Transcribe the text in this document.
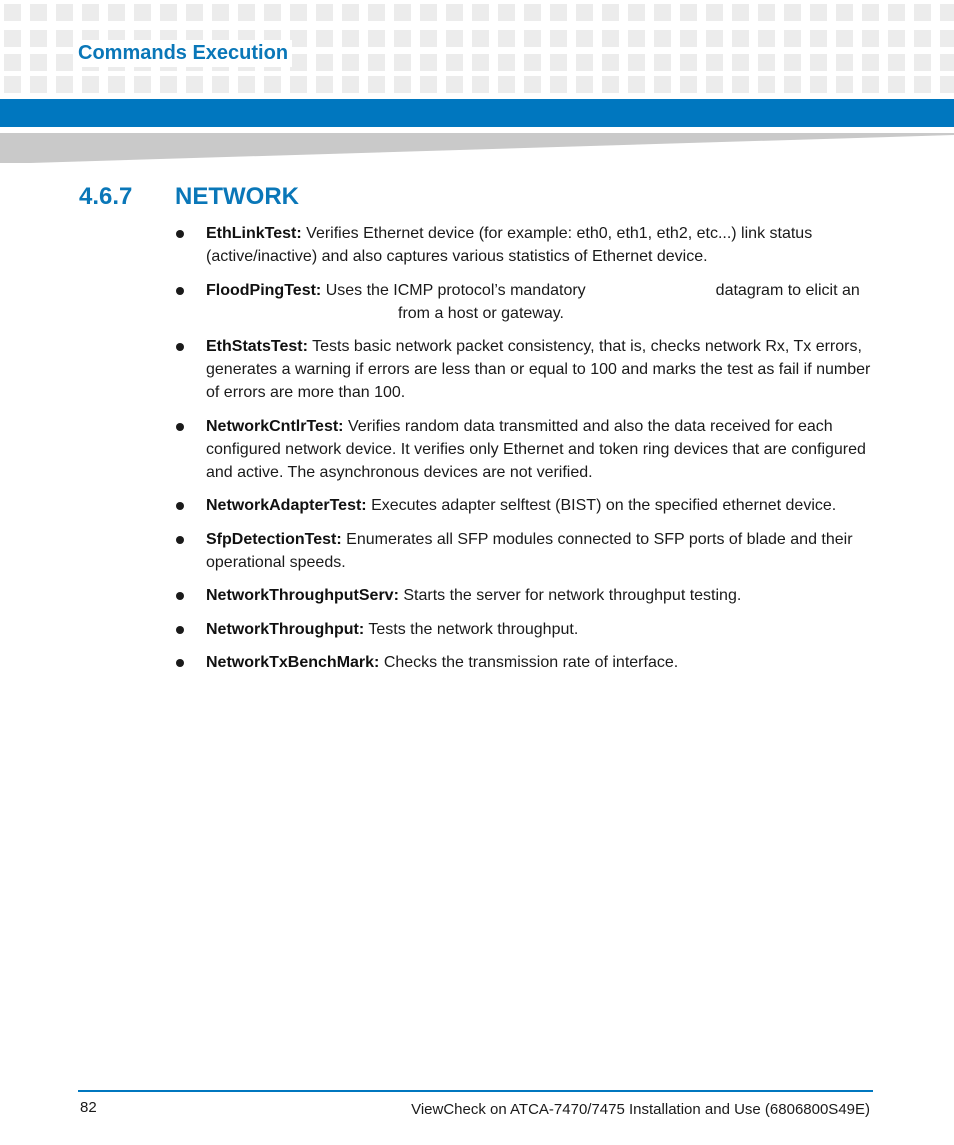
Commands Execution
4.6.7 NETWORK
EthLinkTest: Verifies Ethernet device (for example: eth0, eth1, eth2, etc...) link status (active/inactive) and also captures various statistics of Ethernet device.
FloodPingTest: Uses the ICMP protocol’s mandatory	datagram to elicit anfrom a host or gateway.
EthStatsTest: Tests basic network packet consistency, that is, checks network Rx, Tx errors, generates a warning if errors are less than or equal to 100 and marks the test as fail if number of errors are more than 100.
NetworkCntlrTest: Verifies random data transmitted and also the data received for each configured network device. It verifies only Ethernet and token ring devices that are configured and active. The asynchronous devices are not verified.
NetworkAdapterTest: Executes adapter selftest (BIST) on the specified ethernet device.
SfpDetectionTest: Enumerates all SFP modules connected to SFP ports of blade and their operational speeds.
NetworkThroughputServ: Starts the server for network throughput testing.
NetworkThroughput: Tests the network throughput.
NetworkTxBenchMark: Checks the transmission rate of interface.
82	ViewCheck on ATCA-7470/7475 Installation and Use (6806800S49E)
